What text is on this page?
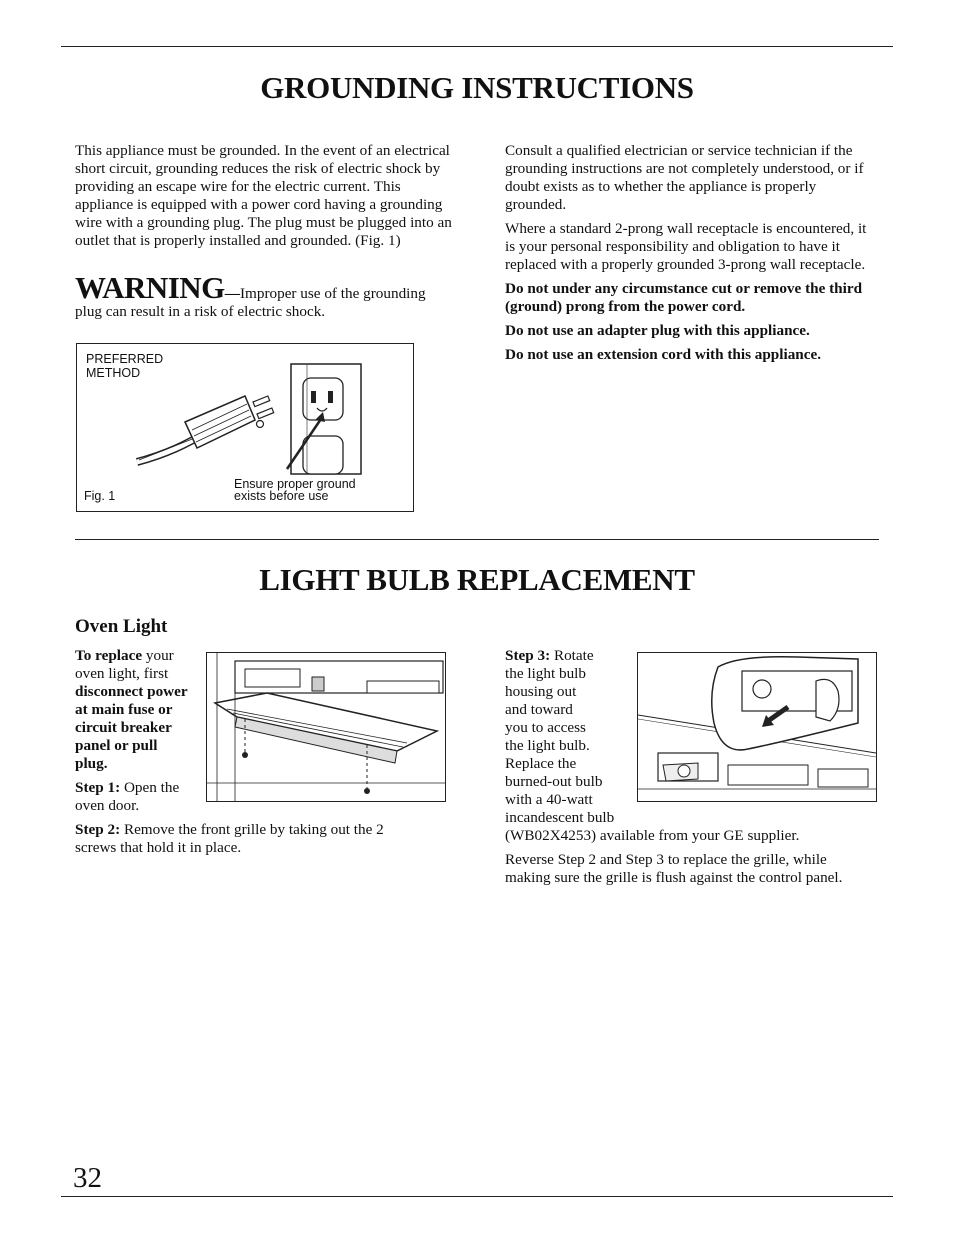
GROUNDING INSTRUCTIONS

This appliance must be grounded. In the event of an electrical short circuit, grounding reduces the risk of electric shock by providing an escape wire for the electric current. This appliance is equipped with a power cord having a grounding wire with a grounding plug. The plug must be plugged into an outlet that is properly installed and grounded. (Fig. 1)

WARNING—Improper use of the grounding plug can result in a risk of electric shock.
PREFERRED
METHOD
Fig. 1
Ensure proper ground
exists before use

Consult a qualified electrician or service technician if the grounding instructions are not completely understood, or if doubt exists as to whether the appliance is properly grounded.

Where a standard 2-prong wall receptacle is encountered, it is your personal responsibility and obligation to have it replaced with a properly grounded 3-prong wall receptacle.

Do not under any circumstance cut or remove the third (ground) prong from the power cord.

Do not use an adapter plug with this appliance.

Do not use an extension cord with this appliance.

LIGHT BULB REPLACEMENT
Oven Light
To replace your oven light, first disconnect power at main fuse or circuit breaker panel or pull plug.
Step 1: Open the oven door.
Step 2: Remove the front grille by taking out the 2 screws that hold it in place.
Step 3: Rotate
the light bulb
housing out
and toward
you to access
the light bulb.
Replace the
burned-out bulb
with a 40-watt
incandescent bulb
(WB02X4253) available from your GE supplier.
Reverse Step 2 and Step 3 to replace the grille, while making sure the grille is flush against the control panel.
32
